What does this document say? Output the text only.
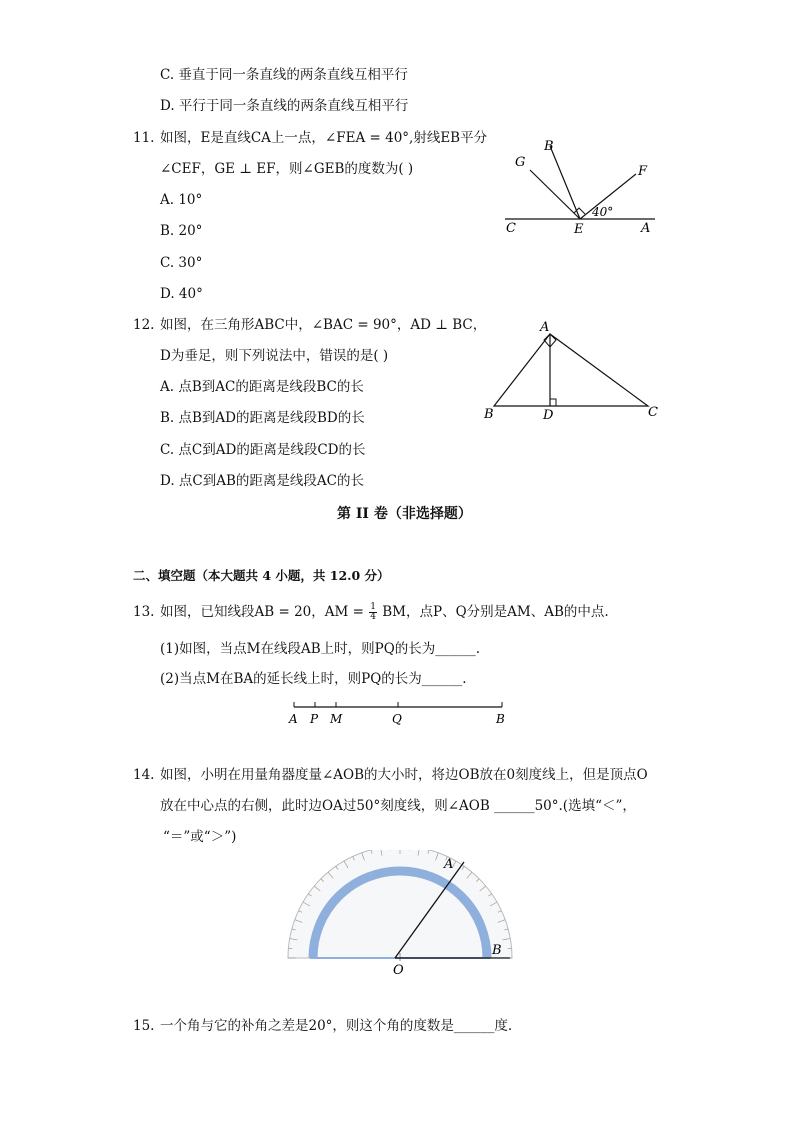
C. 垂直于同一条直线的两条直线互相平行
D. 平行于同一条直线的两条直线互相平行
11. 如图，E是直线CA上一点，∠FEA = 40°,射线EB平分
∠CEF，GE ⊥ EF，则∠GEB的度数为( )
A. 10°
B. 20°
C. 30°
D. 40°
G
B
F
C	E	A
40°
12. 如图，在三角形ABC中，∠BAC = 90°，AD ⊥ BC，
D为垂足，则下列说法中，错误的是( )
A. 点B到AC的距离是线段BC的长
B. 点B到AD的距离是线段BD的长
C. 点C到AD的距离是线段CD的长
D. 点C到AB的距离是线段AC的长
A
B	D	C
第 II 卷（非选择题）
二、填空题（本大题共 4 小题，共 12.0 分）
13. 如图，已知线段AB = 20，AM = $\frac{1}{4}$ BM，点P、Q分别是AM、AB的中点.
(1)如图，当点M在线段AB上时，则PQ的长为______.
(2)当点M在BA的延长线上时，则PQ的长为______.
A P M	Q	B
14. 如图，小明在用量角器度量∠AOB的大小时，将边OB放在0刻度线上，但是顶点O
放在中心点的右侧，此时边OA过50°刻度线，则∠AOB ______50°.(选填“＜”，
“＝”或“＞”)
A
B
O
15. 一个角与它的补角之差是20°，则这个角的度数是______度.
